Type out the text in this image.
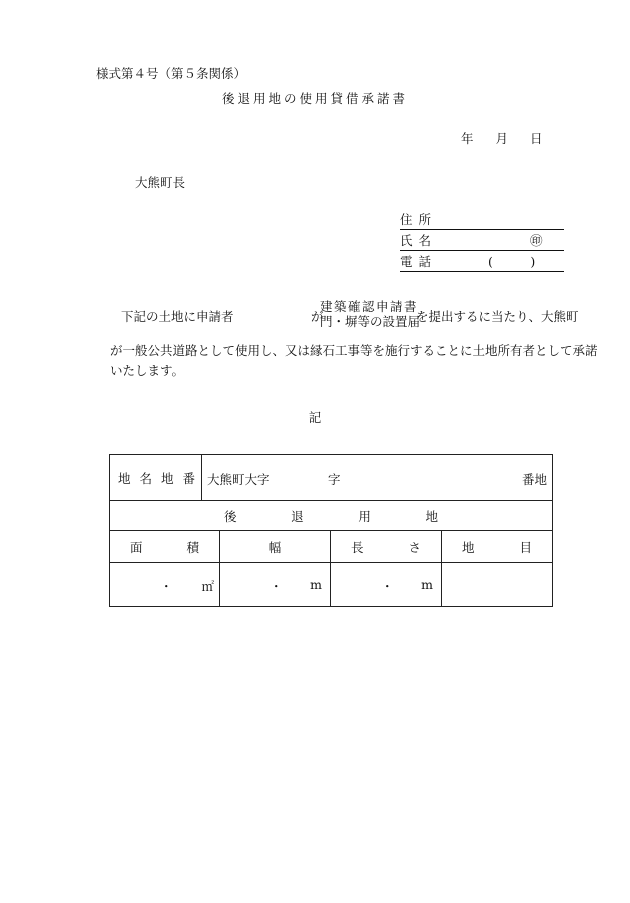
様式第４号（第５条関係）
後退用地の使用貸借承諾書
年 月 日
大熊町長
住所
氏名	㊞
電話	(　　　)
下記の土地に申請者	が
建築確認申請書
門・塀等の設置届
を提出するに当たり、大熊町
が一般公共道路として使用し、又は縁石工事等を施行することに土地所有者として承諾
いたします。
記
地 名 地 番	大熊町大字 字 番地			

後 退 用 地				

面 積		幅	長 さ	地 目

・ ㎡		・ m	・ m	
